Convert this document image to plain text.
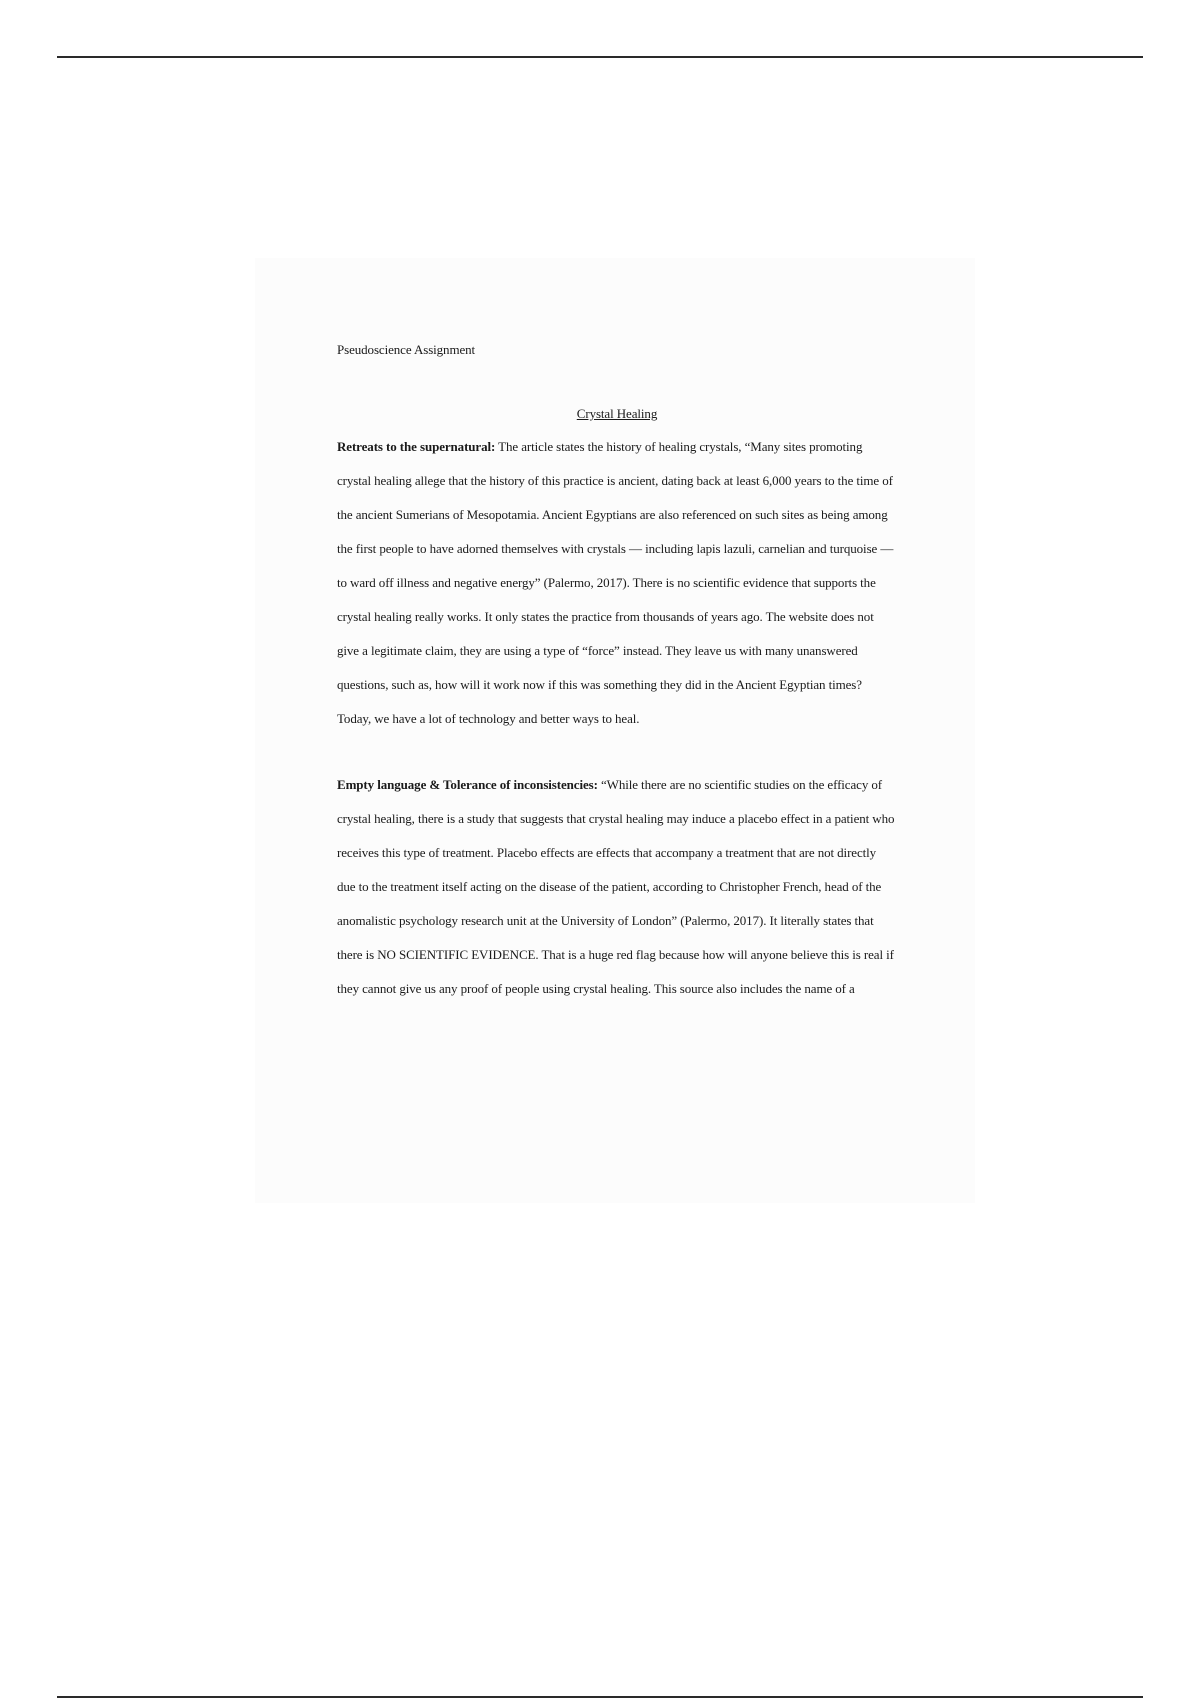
Pseudoscience Assignment

Crystal Healing

Retreats to the supernatural: The article states the history of healing crystals, “Many sites promoting crystal healing allege that the history of this practice is ancient, dating back at least 6,000 years to the time of the ancient Sumerians of Mesopotamia. Ancient Egyptians are also referenced on such sites as being among the first people to have adorned themselves with crystals — including lapis lazuli, carnelian and turquoise — to ward off illness and negative energy” (Palermo, 2017). There is no scientific evidence that supports the crystal healing really works. It only states the practice from thousands of years ago. The website does not give a legitimate claim, they are using a type of “force” instead. They leave us with many unanswered questions, such as, how will it work now if this was something they did in the Ancient Egyptian times? Today, we have a lot of technology and better ways to heal.

Empty language & Tolerance of inconsistencies: “While there are no scientific studies on the efficacy of crystal healing, there is a study that suggests that crystal healing may induce a placebo effect in a patient who receives this type of treatment. Placebo effects are effects that accompany a treatment that are not directly due to the treatment itself acting on the disease of the patient, according to Christopher French, head of the anomalistic psychology research unit at the University of London” (Palermo, 2017). It literally states that there is NO SCIENTIFIC EVIDENCE. That is a huge red flag because how will anyone believe this is real if they cannot give us any proof of people using crystal healing. This source also includes the name of a
